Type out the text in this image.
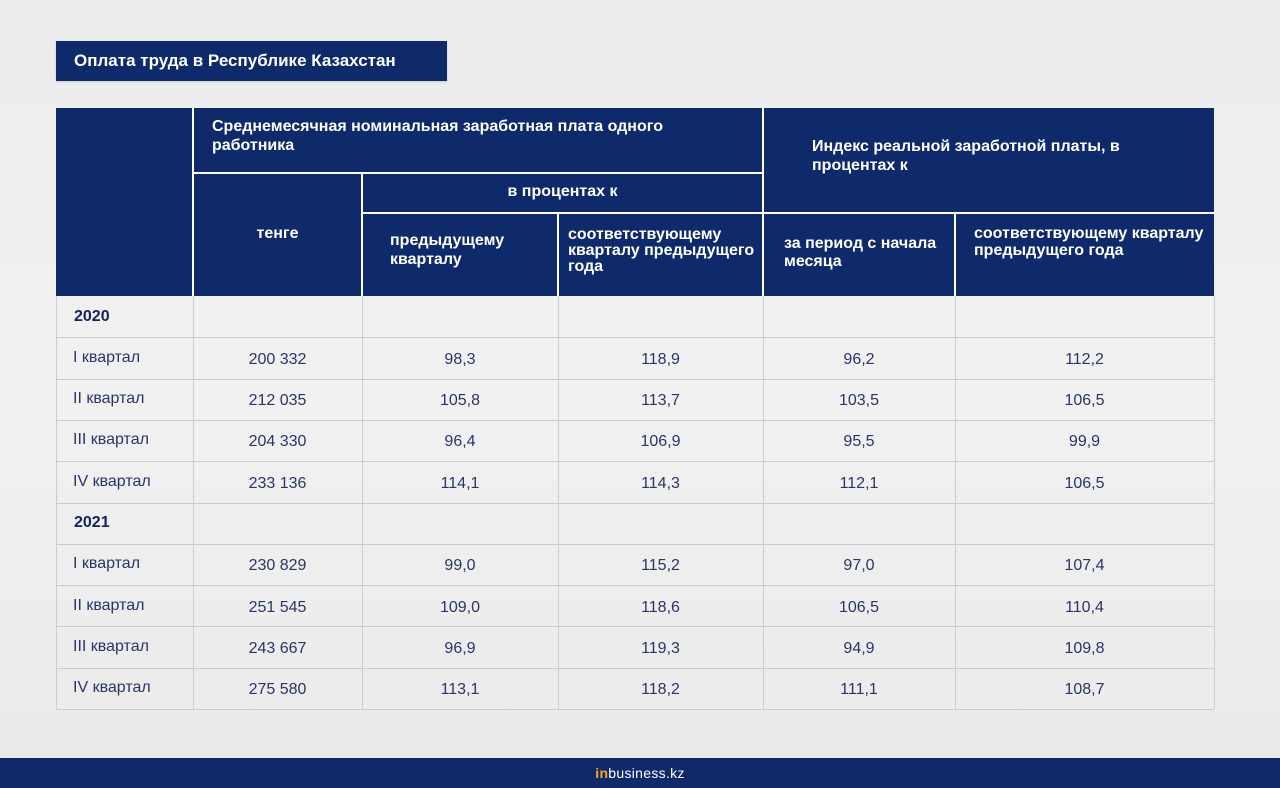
Оплата труда в Республике Казахстан
Среднемесячная номинальная заработная плата одного работника	Индекс реальной заработной платы, в процентах к
тенге
в процентах к
предыдущему кварталу
соответствующему кварталу предыдущего года
за период с начала месяца
соответствующему кварталу предыдущего года
2020
I квартал	200 332	98,3	118,9	96,2	112,2
II квартал	212 035	105,8	113,7	103,5	106,5
III квартал	204 330	96,4	106,9	95,5	99,9
IV квартал	233 136	114,1	114,3	112,1	106,5
2021
I квартал	230 829	99,0	115,2	97,0	107,4
II квартал	251 545	109,0	118,6	106,5	110,4
III квартал	243 667	96,9	119,3	94,9	109,8
IV квартал	275 580	113,1	118,2	111,1	108,7
inbusiness.kz
